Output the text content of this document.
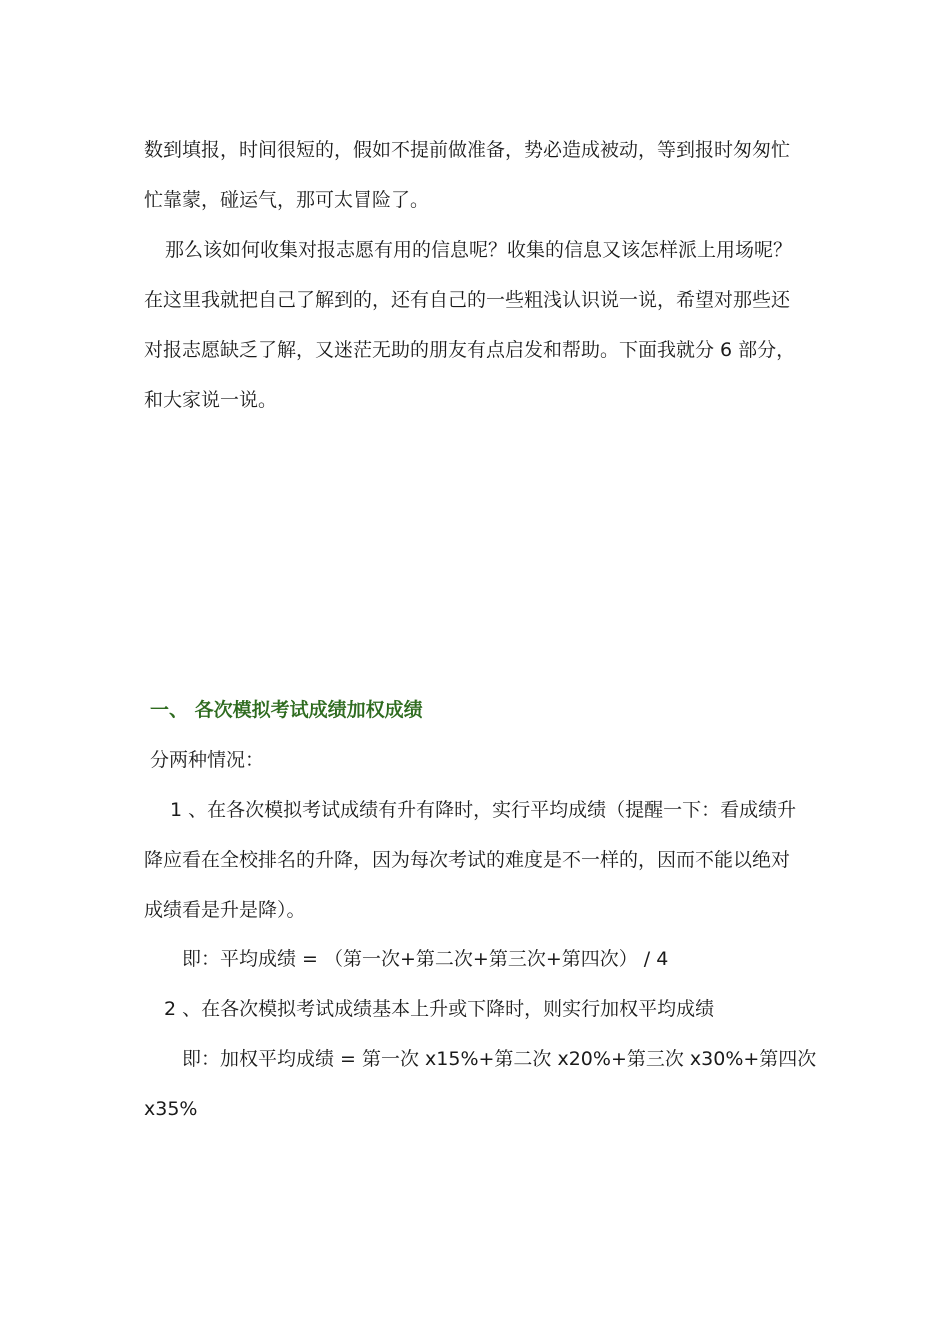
数到填报，时间很短的，假如不提前做准备，势必造成被动，等到报时匆匆忙
忙靠蒙，碰运气，那可太冒险了。
那么该如何收集对报志愿有用的信息呢？收集的信息又该怎样派上用场呢？
在这里我就把自己了解到的，还有自己的一些粗浅认识说一说，希望对那些还
对报志愿缺乏了解，又迷茫无助的朋友有点启发和帮助。下面我就分 6 部分，
和大家说一说。
一、 各次模拟考试成绩加权成绩
分两种情况：
1 、在各次模拟考试成绩有升有降时，实行平均成绩（提醒一下：看成绩升
降应看在全校排名的升降，因为每次考试的难度是不一样的，因而不能以绝对
成绩看是升是降）。
即：平均成绩 = （第一次+第二次+第三次+第四次） / 4
2 、在各次模拟考试成绩基本上升或下降时，则实行加权平均成绩
即：加权平均成绩 = 第一次 x15%+第二次 x20%+第三次 x30%+第四次
x35%
